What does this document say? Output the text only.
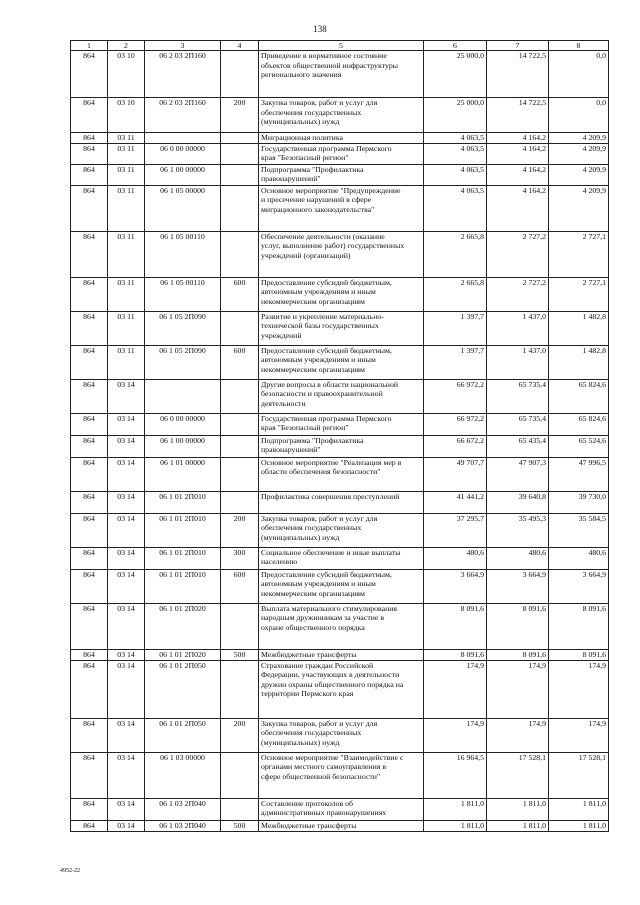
138
1	2	3	4	5	6	7	8
864	03 10	06 2 03 2П160		Приведение в нормативное состояние
объектов общественной инфраструктуры
регионального значения	25 000,0	14 722,5	0,0
864	03 10	06 2 03 2П160	200	Закупка товаров, работ и услуг для
обеспечения государственных
(муниципальных) нужд	25 000,0	14 722,5	0,0
864	03 11			Миграционная политика	4 063,5	4 164,2	4 209,9
864	03 11	06 0 00 00000		Государственная программа Пермского
края "Безопасный регион"	4 063,5	4 164,2	4 209,9
864	03 11	06 1 00 00000		Подпрограмма "Профилактика
правонарушений"	4 063,5	4 164,2	4 209,9
864	03 11	06 1 05 00000		Основное мероприятие "Предупреждение
и пресечение нарушений в сфере
миграционного законодательства"	4 063,5	4 164,2	4 209,9
864	03 11	06 1 05 00110		Обеспечение деятельности (оказание
услуг, выполнение работ) государственных
учреждений (организаций)	2 665,8	2 727,2	2 727,1
864	03 11	06 1 05 00110	600	Предоставление субсидий бюджетным,
автономным учреждениям и иным
некоммерческим организациям	2 665,8	2 727,2	2 727,1
864	03 11	06 1 05 2П090		Развитие и укрепление материально-
технической базы государственных
учреждений	1 397,7	1 437,0	1 482,8
864	03 11	06 1 05 2П090	600	Предоставление субсидий бюджетным,
автономным учреждениям и иным
некоммерческим организациям	1 397,7	1 437,0	1 482,8
864	03 14			Другие вопросы в области национальной
безопасности и правоохранительной
деятельности	66 972,2	65 735,4	65 824,6
864	03 14	06 0 00 00000		Государственная программа Пермского
края "Безопасный регион"	66 972,2	65 735,4	65 824,6
864	03 14	06 1 00 00000		Подпрограмма "Профилактика
правонарушений"	66 672,2	65 435,4	65 524,6
864	03 14	06 1 01 00000		Основное мероприятие "Реализация мер в
области обеспечения безопасности"	49 707,7	47 907,3	47 996,5
864	03 14	06 1 01 2П010		Профилактика совершения преступлений	41 441,2	39 640,8	39 730,0
864	03 14	06 1 01 2П010	200	Закупка товаров, работ и услуг для
обеспечения государственных
(муниципальных) нужд	37 295,7	35 495,3	35 584,5
864	03 14	06 1 01 2П010	300	Социальное обеспечение и иные выплаты
населению	480,6	480,6	480,6
864	03 14	06 1 01 2П010	600	Предоставление субсидий бюджетным,
автономным учреждениям и иным
некоммерческим организациям	3 664,9	3 664,9	3 664,9
864	03 14	06 1 01 2П020		Выплата материального стимулирования
народным дружинникам за участие в
охране общественного порядка	8 091,6	8 091,6	8 091,6
864	03 14	06 1 01 2П020	500	Межбюджетные трансферты	8 091,6	8 091,6	8 091,6
864	03 14	06 1 01 2П050		Страхование граждан Российской
Федерации, участвующих в деятельности
дружин охраны общественного порядка на
территории Пермского края	174,9	174,9	174,9
864	03 14	06 1 01 2П050	200	Закупка товаров, работ и услуг для
обеспечения государственных
(муниципальных) нужд	174,9	174,9	174,9
864	03 14	06 1 03 00000		Основное мероприятие "Взаимодействие с
органами местного самоуправления в
сфере общественной безопасности"	16 964,5	17 528,1	17 528,1
864	03 14	06 1 03 2П040		Составление протоколов об
административных правонарушениях	1 811,0	1 811,0	1 811,0
864	03 14	06 1 03 2П040	500	Межбюджетные трансферты	1 811,0	1 811,0	1 811,0
4952-22
